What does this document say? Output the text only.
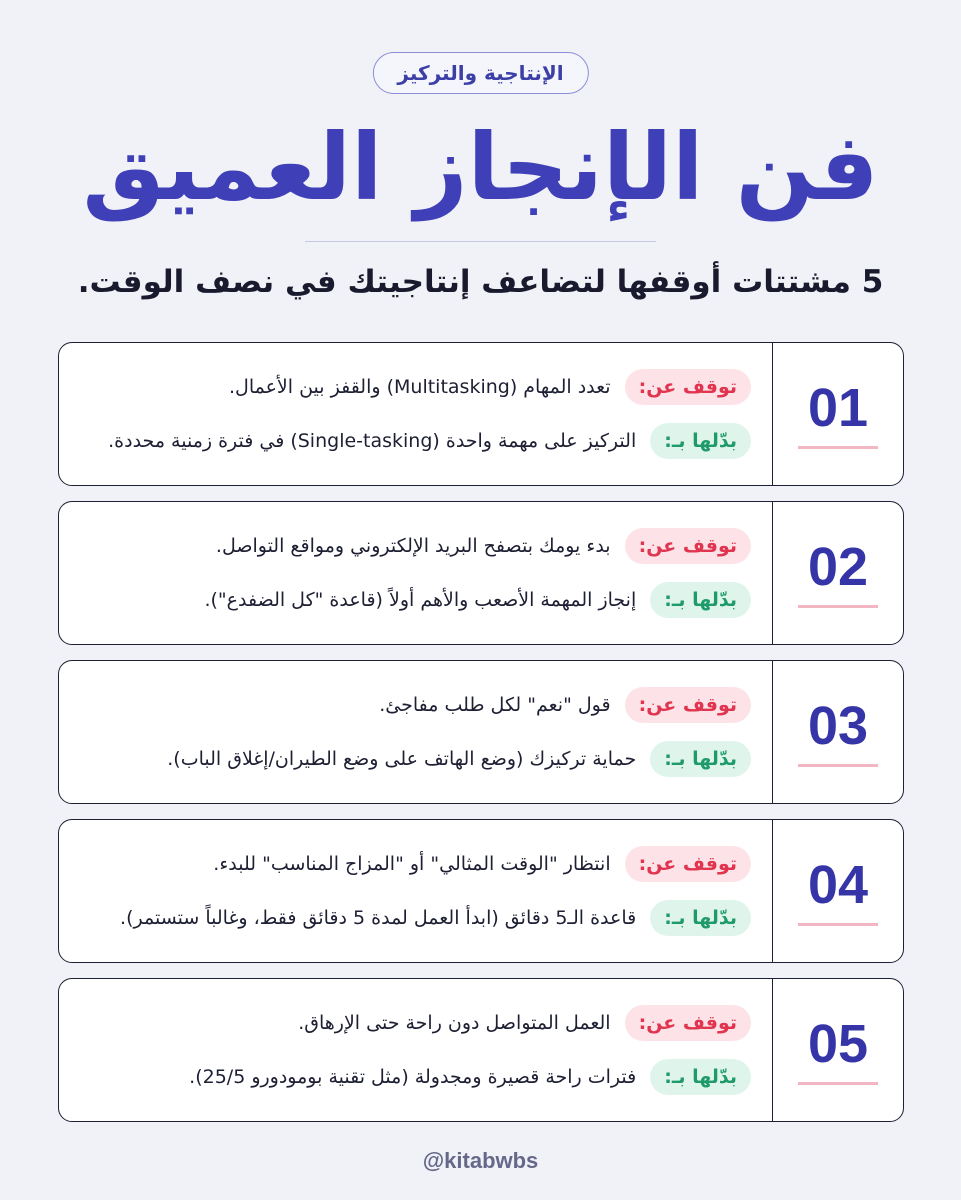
الإنتاجية والتركيز
فن الإنجاز العميق
5 مشتتات أوقفها لتضاعف إنتاجيتك في نصف الوقت.
توقف عن:
تعدد المهام (Multitasking) والقفز بين الأعمال.
بدّلها بـ:
التركيز على مهمة واحدة (Single-tasking) في فترة زمنية محددة.
01
توقف عن:
بدء يومك بتصفح البريد الإلكتروني ومواقع التواصل.
بدّلها بـ:
إنجاز المهمة الأصعب والأهم أولاً (قاعدة "كل الضفدع").
02
توقف عن:
قول "نعم" لكل طلب مفاجئ.
بدّلها بـ:
حماية تركيزك (وضع الهاتف على وضع الطيران/إغلاق الباب).
03
توقف عن:
انتظار "الوقت المثالي" أو "المزاج المناسب" للبدء.
بدّلها بـ:
قاعدة الـ5 دقائق (ابدأ العمل لمدة 5 دقائق فقط، وغالباً ستستمر).
04
توقف عن:
العمل المتواصل دون راحة حتى الإرهاق.
بدّلها بـ:
فترات راحة قصيرة ومجدولة (مثل تقنية بومودورو 25/5).
05
@kitabwbs
